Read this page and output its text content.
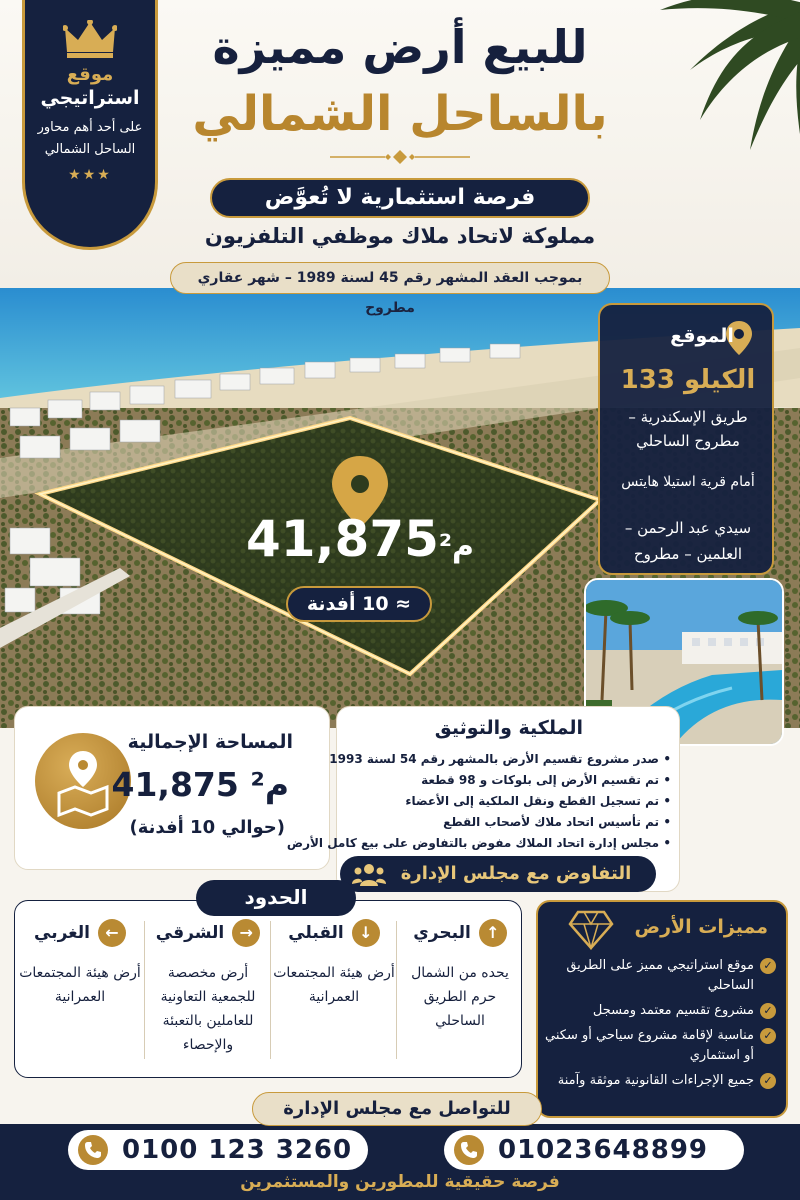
للبيع أرض مميزة
بالساحل الشمالي
فرصة استثمارية لا تُعوَّض
مملوكة لاتحاد ملاك موظفي التلفزيون
موقع
استراتيجي
على أحد أهم محاور الساحل الشمالي
★★★
بموجب العقد المشهر رقم 45 لسنة 1989 – شهر عقاري مطروح
41,875م²
≈ 10 أفدنة
الموقع
الكيلو 133
طريق الإسكندرية – مطروح الساحلي
أمام قرية استيلا هايتس
سيدي عبد الرحمن – العلمين – مطروح
المساحة الإجمالية
41,875 م²
(حوالي 10 أفدنة)
الملكية والتوثيق
• صدر مشروع تقسيم الأرض بالمشهر رقم 54 لسنة 1993
• تم تقسيم الأرض إلى بلوكات و 98 قطعة
• تم تسجيل القطع ونقل الملكية إلى الأعضاء
• تم تأسيس اتحاد ملاك لأصحاب القطع
• مجلس إدارة اتحاد الملاك مفوض بالتفاوض على بيع كامل الأرض
التفاوض مع مجلس الإدارة
↑
البحري
يحده من الشمال حرم الطريق الساحلي
↓
القبلي
أرض هيئة المجتمعات العمرانية
→
الشرقي
أرض مخصصة للجمعية التعاونية للعاملين بالتعبئة والإحصاء
←
الغربي
أرض هيئة المجتمعات العمرانية
الحدود
مميزات الأرض
✓
موقع استراتيجي مميز على الطريق الساحلي
✓
مشروع تقسيم معتمد ومسجل
✓
مناسبة لإقامة مشروع سياحي أو سكني أو استثماري
✓
جميع الإجراءات القانونية موثقة وآمنة
للتواصل مع مجلس الإدارة
0100 123 3260	01023648899
فرصة حقيقية للمطورين والمستثمرين
